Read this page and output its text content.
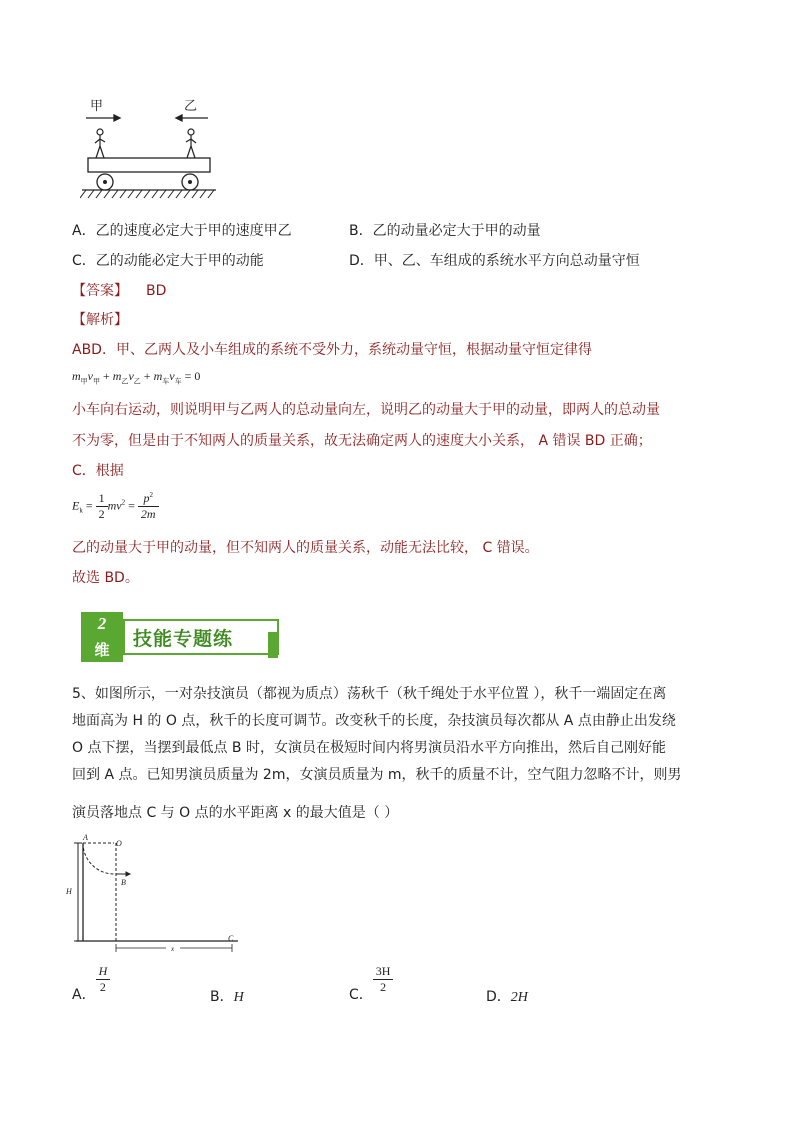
甲	乙
A．乙的速度必定大于甲的速度甲乙	B．乙的动量必定大于甲的动量
C．乙的动能必定大于甲的动能	D．甲、乙、车组成的系统水平方向总动量守恒
【答案】 BD
【解析】
ABD．甲、乙两人及小车组成的系统不受外力，系统动量守恒，根据动量守恒定律得
$m_甲v_甲 + m_乙v_乙 + m_车v_车 = 0$
小车向右运动，则说明甲与乙两人的总动量向左，说明乙的动量大于甲的动量，即两人的总动量
不为零，但是由于不知两人的质量关系，故无法确定两人的速度大小关系， A 错误 BD 正确；
C．根据
$E_k = \frac{1}{2} mv^2 = \frac{p^2}{2m}$
乙的动量大于甲的动量，但不知两人的质量关系，动能无法比较， C 错误。
故选 BD。
2
维	技能专题练
5、如图所示，一对杂技演员（都视为质点）荡秋千（秋千绳处于水平位置 ），秋千一端固定在离
地面高为 H 的 O 点，秋千的长度可调节。改变秋千的长度，杂技演员每次都从 A 点由静止出发绕
O 点下摆，当摆到最低点 B 时，女演员在极短时间内将男演员沿水平方向推出，然后自己刚好能
回到 A 点。已知男演员质量为 2m，女演员质量为 m，秋千的质量不计，空气阻力忽略不计，则男
演员落地点 C 与 O 点的水平距离 x 的最大值是（ ）
A
O
B
H
x
C
A． $\frac{H}{2}$
B．H	C． $\frac{3H}{2}$
D．2H
